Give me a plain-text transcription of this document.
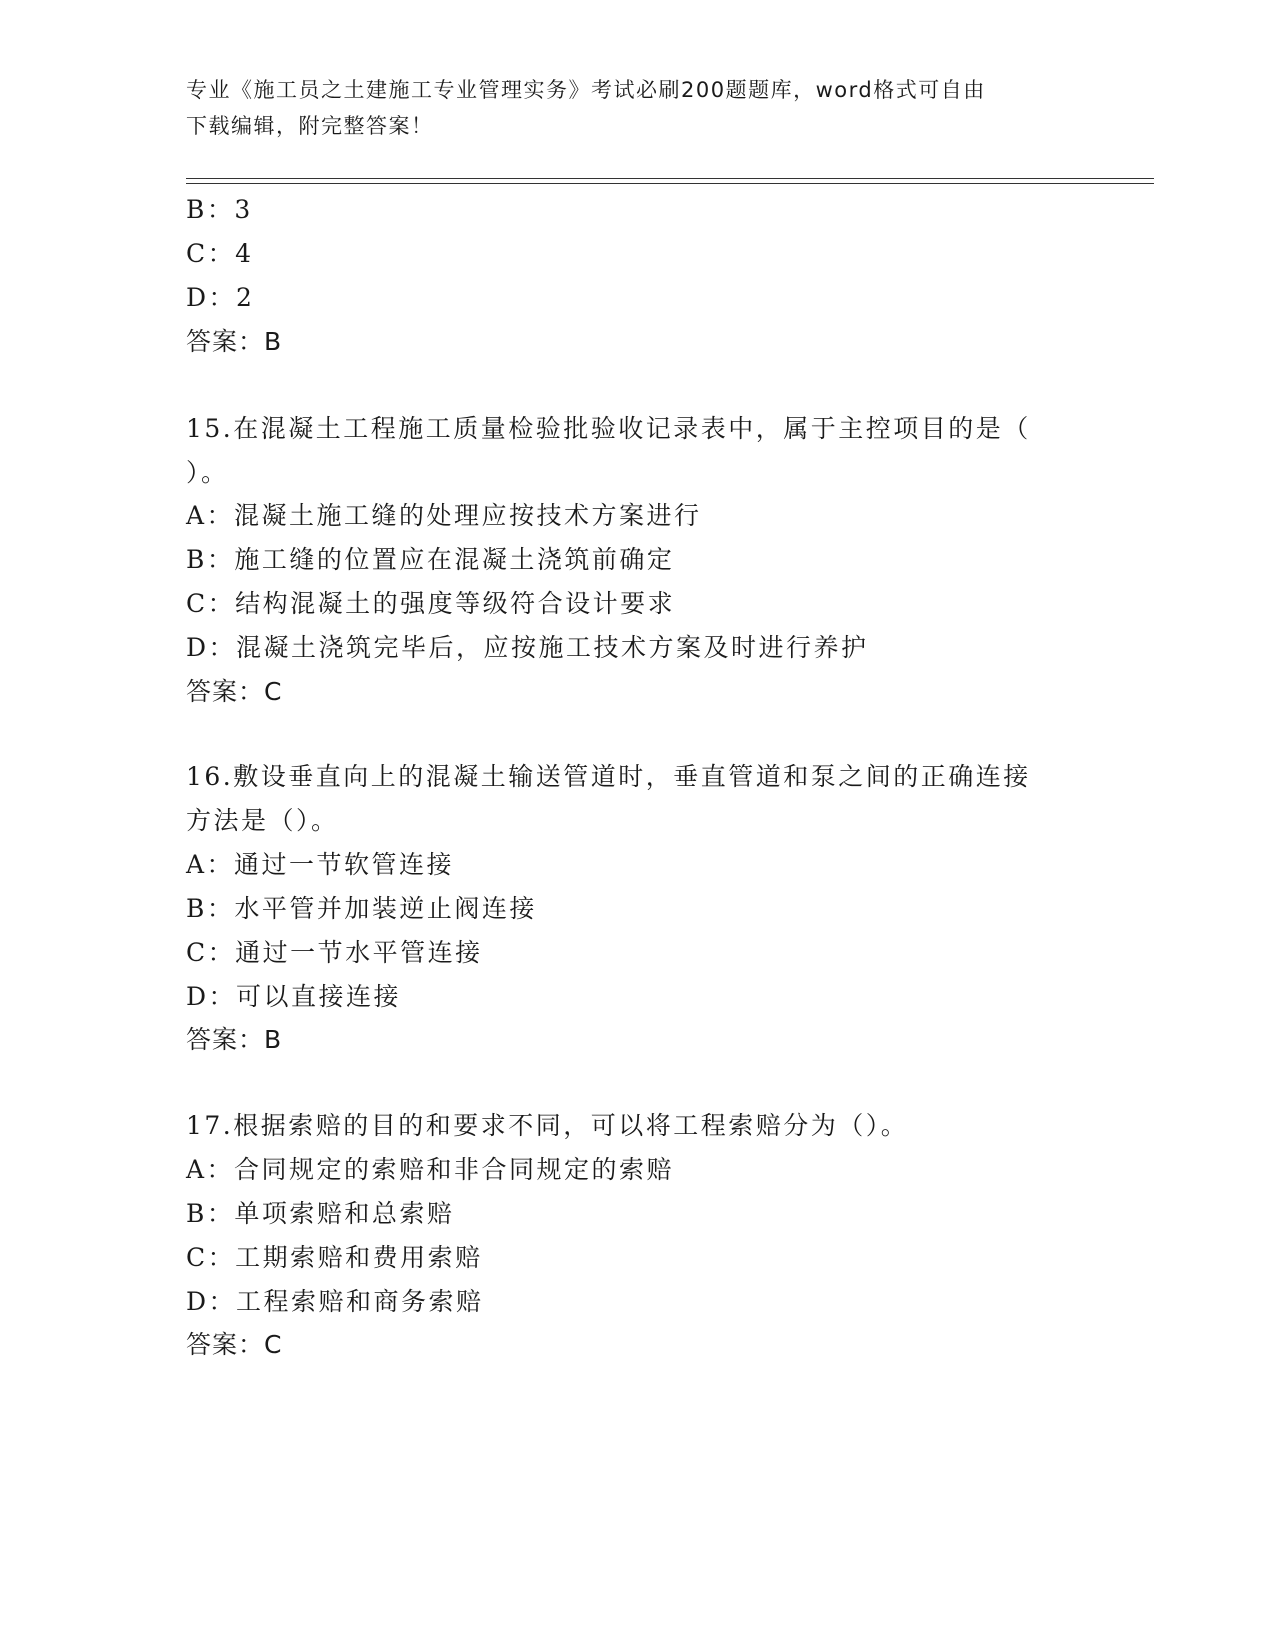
专业《施工员之土建施工专业管理实务》考试必刷200题题库，word格式可自由
下载编辑，附完整答案！
B：3
C：4
D：2
答案：B
15.在混凝土工程施工质量检验批验收记录表中，属于主控项目的是（
）。
A：混凝土施工缝的处理应按技术方案进行
B：施工缝的位置应在混凝土浇筑前确定
C：结构混凝土的强度等级符合设计要求
D：混凝土浇筑完毕后，应按施工技术方案及时进行养护
答案：C
16.敷设垂直向上的混凝土输送管道时，垂直管道和泵之间的正确连接
方法是（）。
A：通过一节软管连接
B：水平管并加装逆止阀连接
C：通过一节水平管连接
D：可以直接连接
答案：B
17.根据索赔的目的和要求不同，可以将工程索赔分为（）。
A：合同规定的索赔和非合同规定的索赔
B：单项索赔和总索赔
C：工期索赔和费用索赔
D：工程索赔和商务索赔
答案：C
